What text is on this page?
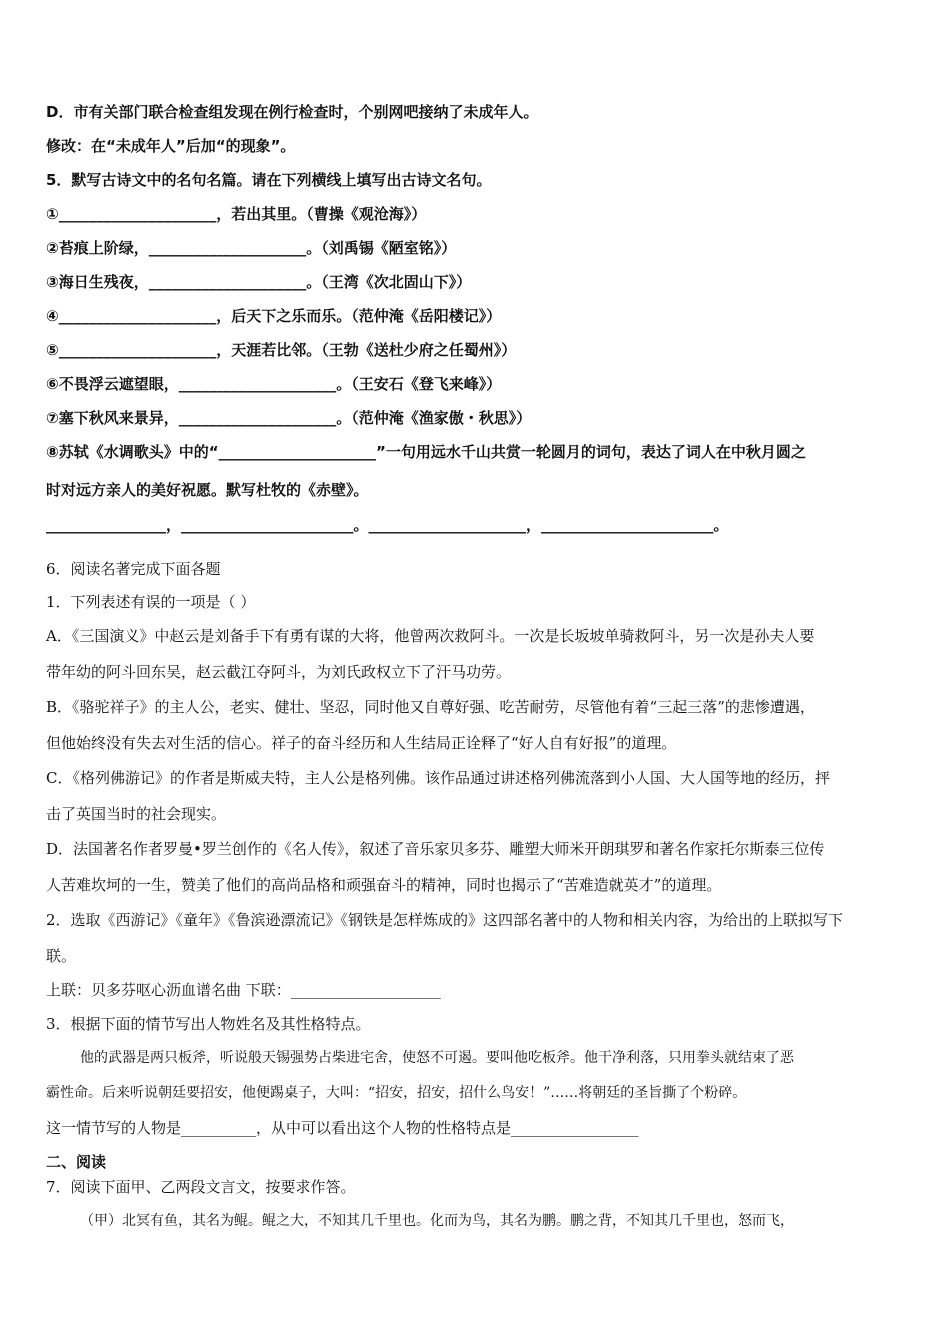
D．市有关部门联合检查组发现在例行检查时，个别网吧接纳了未成年人。
修改：在“未成年人”后加“的现象”。
5．默写古诗文中的名句名篇。请在下列横线上填写出古诗文名句。
①_____________________，若出其里。（曹操《观沧海》）
②苔痕上阶绿，_____________________。（刘禹锡《陋室铭》）
③海日生残夜，_____________________。（王湾《次北固山下》）
④_____________________，后天下之乐而乐。（范仲淹《岳阳楼记》）
⑤_____________________，天涯若比邻。（王勃《送杜少府之任蜀州》）
⑥不畏浮云遮望眼，_____________________。（王安石《登飞来峰》）
⑦塞下秋风来景异，_____________________。（范仲淹《渔家傲・秋思》）
⑧苏轼《水调歌头》中的“_____________________”一句用远水千山共赏一轮圆月的词句，表达了词人在中秋月圆之
时对远方亲人的美好祝愿。默写杜牧的《赤壁》。
________________，_______________________。_____________________，_______________________。
6．阅读名著完成下面各题
1．下列表述有误的一项是（ ）
A．《三国演义》中赵云是刘备手下有勇有谋的大将，他曾两次救阿斗。一次是长坂坡单骑救阿斗，另一次是孙夫人要
带年幼的阿斗回东吴，赵云截江夺阿斗，为刘氏政权立下了汗马功劳。
B．《骆驼祥子》的主人公，老实、健壮、坚忍，同时他又自尊好强、吃苦耐劳，尽管他有着“三起三落”的悲惨遭遇，
但他始终没有失去对生活的信心。祥子的奋斗经历和人生结局正诠释了“好人自有好报”的道理。
C．《格列佛游记》的作者是斯威夫特，主人公是格列佛。该作品通过讲述格列佛流落到小人国、大人国等地的经历，抨
击了英国当时的社会现实。
D．法国著名作者罗曼•罗兰创作的《名人传》，叙述了音乐家贝多芬、雕塑大师米开朗琪罗和著名作家托尔斯泰三位传
人苦难坎坷的一生，赞美了他们的高尚品格和顽强奋斗的精神，同时也揭示了“苦难造就英才”的道理。
2．选取《西游记》《童年》《鲁滨逊漂流记》《钢铁是怎样炼成的》这四部名著中的人物和相关内容，为给出的上联拟写下
联。
上联：贝多芬呕心沥血谱名曲 下联：____________________
3．根据下面的情节写出人物姓名及其性格特点。
他的武器是两只板斧，听说般天锡强势占柴进宅舍，使怒不可遏。要叫他吃板斧。他干净利落，只用拳头就结束了恶
霸性命。后来听说朝廷要招安，他便踢桌子，大叫：“招安，招安，招什么鸟安！”……将朝廷的圣旨撕了个粉碎。
这一情节写的人物是__________，从中可以看出这个人物的性格特点是_________________
二、阅读
7．阅读下面甲、乙两段文言文，按要求作答。
（甲）北冥有鱼，其名为鲲。鲲之大，不知其几千里也。化而为鸟，其名为鹏。鹏之背，不知其几千里也，怒而飞，
